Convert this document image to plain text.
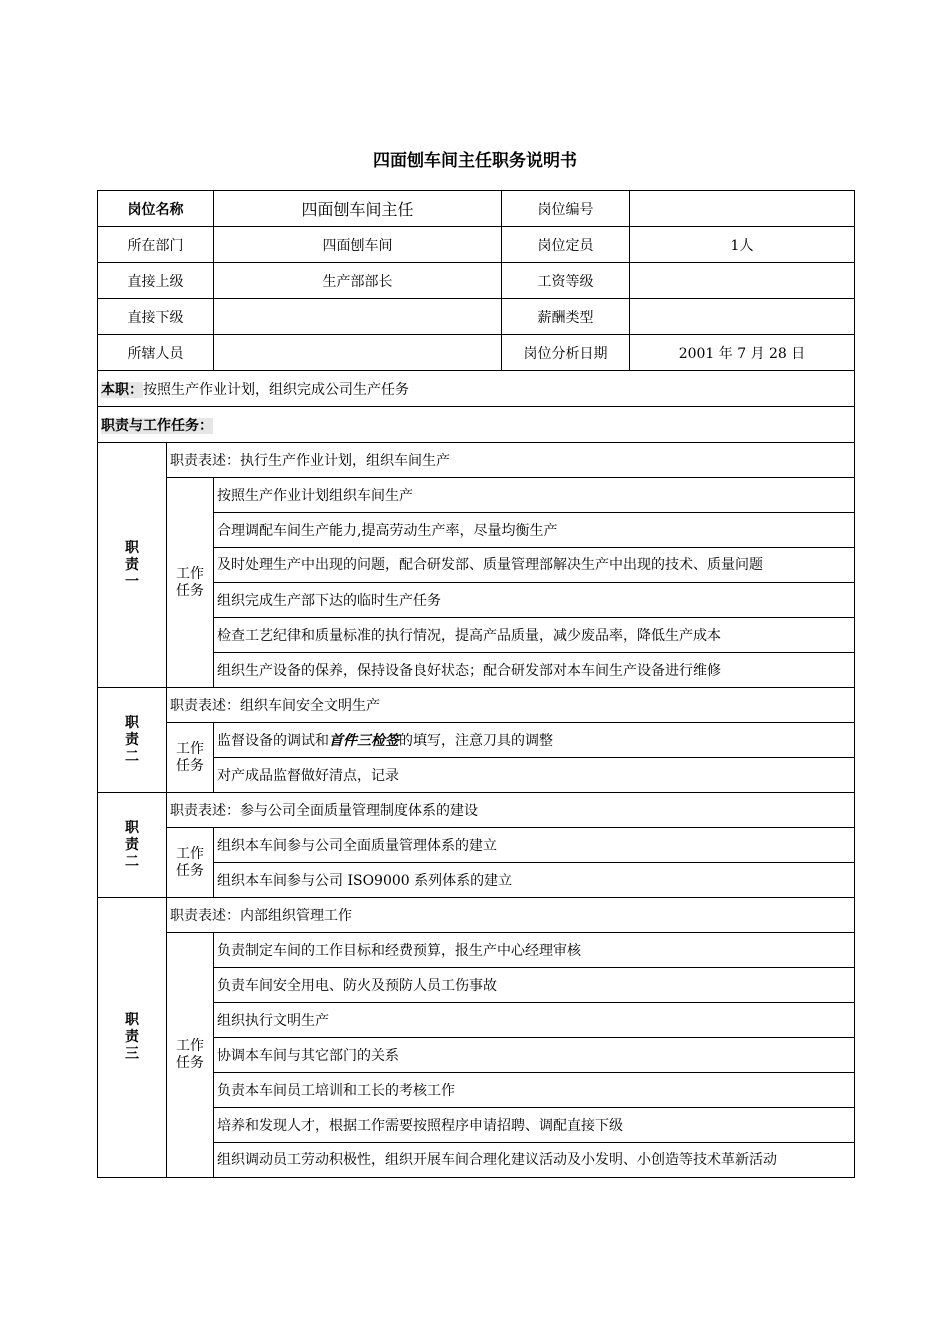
四面刨车间主任职务说明书
岗位名称		四面刨车间主任	岗位编号	
所在部门		四面刨车间	岗位定员	1人
直接上级		生产部部长	工资等级	
直接下级			薪酬类型	
所辖人员			岗位分析日期	2001 年 7 月 28 日
本职：按照生产作业计划，组织完成公司生产任务				
职责与工作任务：				

职
责
一	职责表述：执行生产作业计划，组织车间生产			

	工作
任务	按照生产作业计划组织车间生产		
		合理调配车间生产能力,提高劳动生产率，尽量均衡生产		
		及时处理生产中出现的问题，配合研发部、质量管理部解决生产中出现的技术、质量问题		
		组织完成生产部下达的临时生产任务		
		检查工艺纪律和质量标准的执行情况，提高产品质量，减少废品率，降低生产成本		
		组织生产设备的保养，保持设备良好状态；配合研发部对本车间生产设备进行维修		

职
责
二	职责表述：组织车间安全文明生产			

	工作
任务	监督设备的调试和首件三检签的填写，注意刀具的调整		
		对产成品监督做好清点，记录		

职
责
二	职责表述：参与公司全面质量管理制度体系的建设			

	工作
任务	组织本车间参与公司全面质量管理体系的建立		
		组织本车间参与公司 ISO9000 系列体系的建立		

职
责
三	职责表述：内部组织管理工作			

	工作
任务	负责制定车间的工作目标和经费预算，报生产中心经理审核		
		负责车间安全用电、防火及预防人员工伤事故		
		组织执行文明生产		
		协调本车间与其它部门的关系		
		负责本车间员工培训和工长的考核工作		
		培养和发现人才，根据工作需要按照程序申请招聘、调配直接下级		
		组织调动员工劳动积极性，组织开展车间合理化建议活动及小发明、小创造等技术革新活动		
